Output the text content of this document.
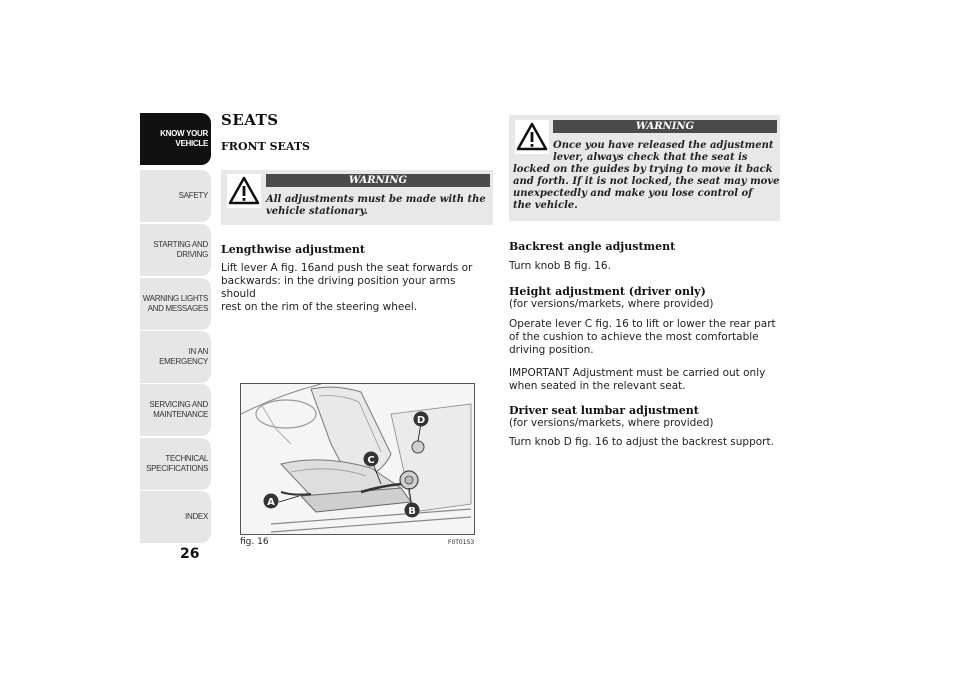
KNOW YOUR
VEHICLE
SAFETY
STARTING AND
DRIVING
WARNING LIGHTS
AND MESSAGES
IN AN EMERGENCY
SERVICING AND
MAINTENANCE
TECHNICAL
SPECIFICATIONS
INDEX
26
SEATS
FRONT SEATS
WARNING
All adjustments must be made with the
vehicle stationary.
Lengthwise adjustment
Lift lever A fig. 16and push the seat forwards or
backwards: in the driving position your arms should
rest on the rim of the steering wheel.
A
B
C
D
fig. 16	F0T0153
WARNING
Once you have released the adjustment
lever, always check that the seat is
locked on the guides by trying to move it back
and forth. If it is not locked, the seat may move
unexpectedly and make you lose control of
the vehicle.
Backrest angle adjustment
Turn knob B fig. 16.
Height adjustment (driver only)
(for versions/markets, where provided)
Operate lever C fig. 16 to lift or lower the rear part
of the cushion to achieve the most comfortable
driving position.
IMPORTANT Adjustment must be carried out only
when seated in the relevant seat.
Driver seat lumbar adjustment
(for versions/markets, where provided)
Turn knob D fig. 16 to adjust the backrest support.
